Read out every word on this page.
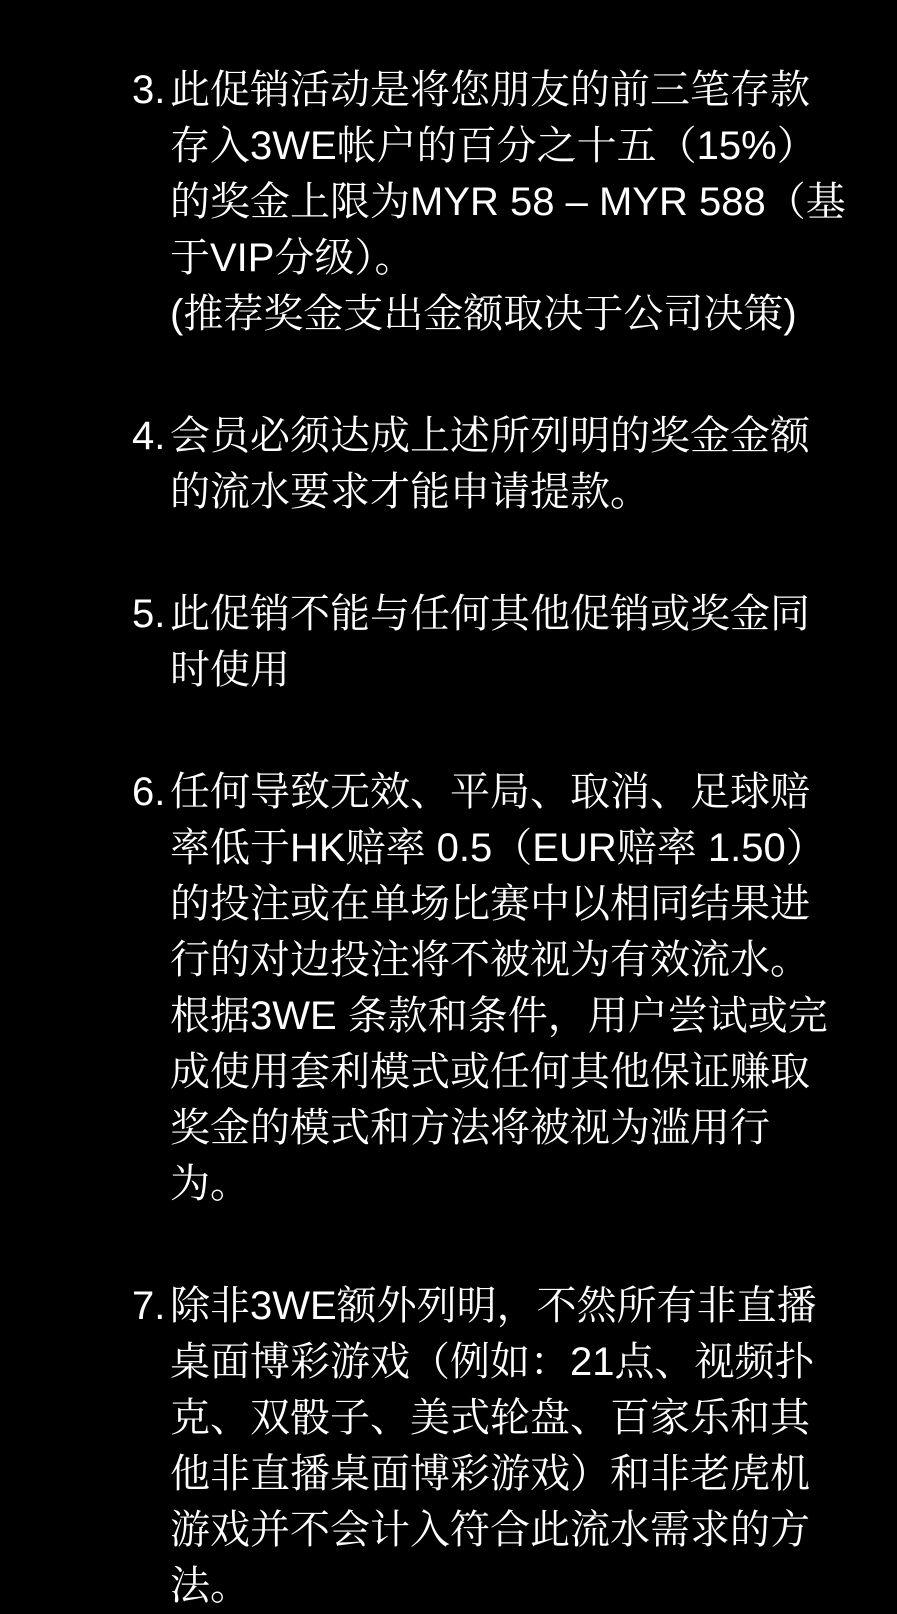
3. 此促销活动是将您朋友的前三笔存款存入3WE帐户的百分之十五（15%）的奖金上限为MYR 58 – MYR 588（基于VIP分级）。
(推荐奖金支出金额取决于公司决策)
4. 会员必须达成上述所列明的奖金金额的流水要求才能申请提款。
5. 此促销不能与任何其他促销或奖金同时使用
6. 任何导致无效、平局、取消、足球赔率低于HK赔率 0.5（EUR赔率 1.50）的投注或在单场比赛中以相同结果进行的对边投注将不被视为有效流水。根据3WE 条款和条件，用户尝试或完成使用套利模式或任何其他保证赚取奖金的模式和方法将被视为滥用行为。
7. 除非3WE额外列明，不然所有非直播桌面博彩游戏（例如：21点、视频扑克、双骰子、美式轮盘、百家乐和其他非直播桌面博彩游戏）和非老虎机游戏并不会计入符合此流水需求的方法。
